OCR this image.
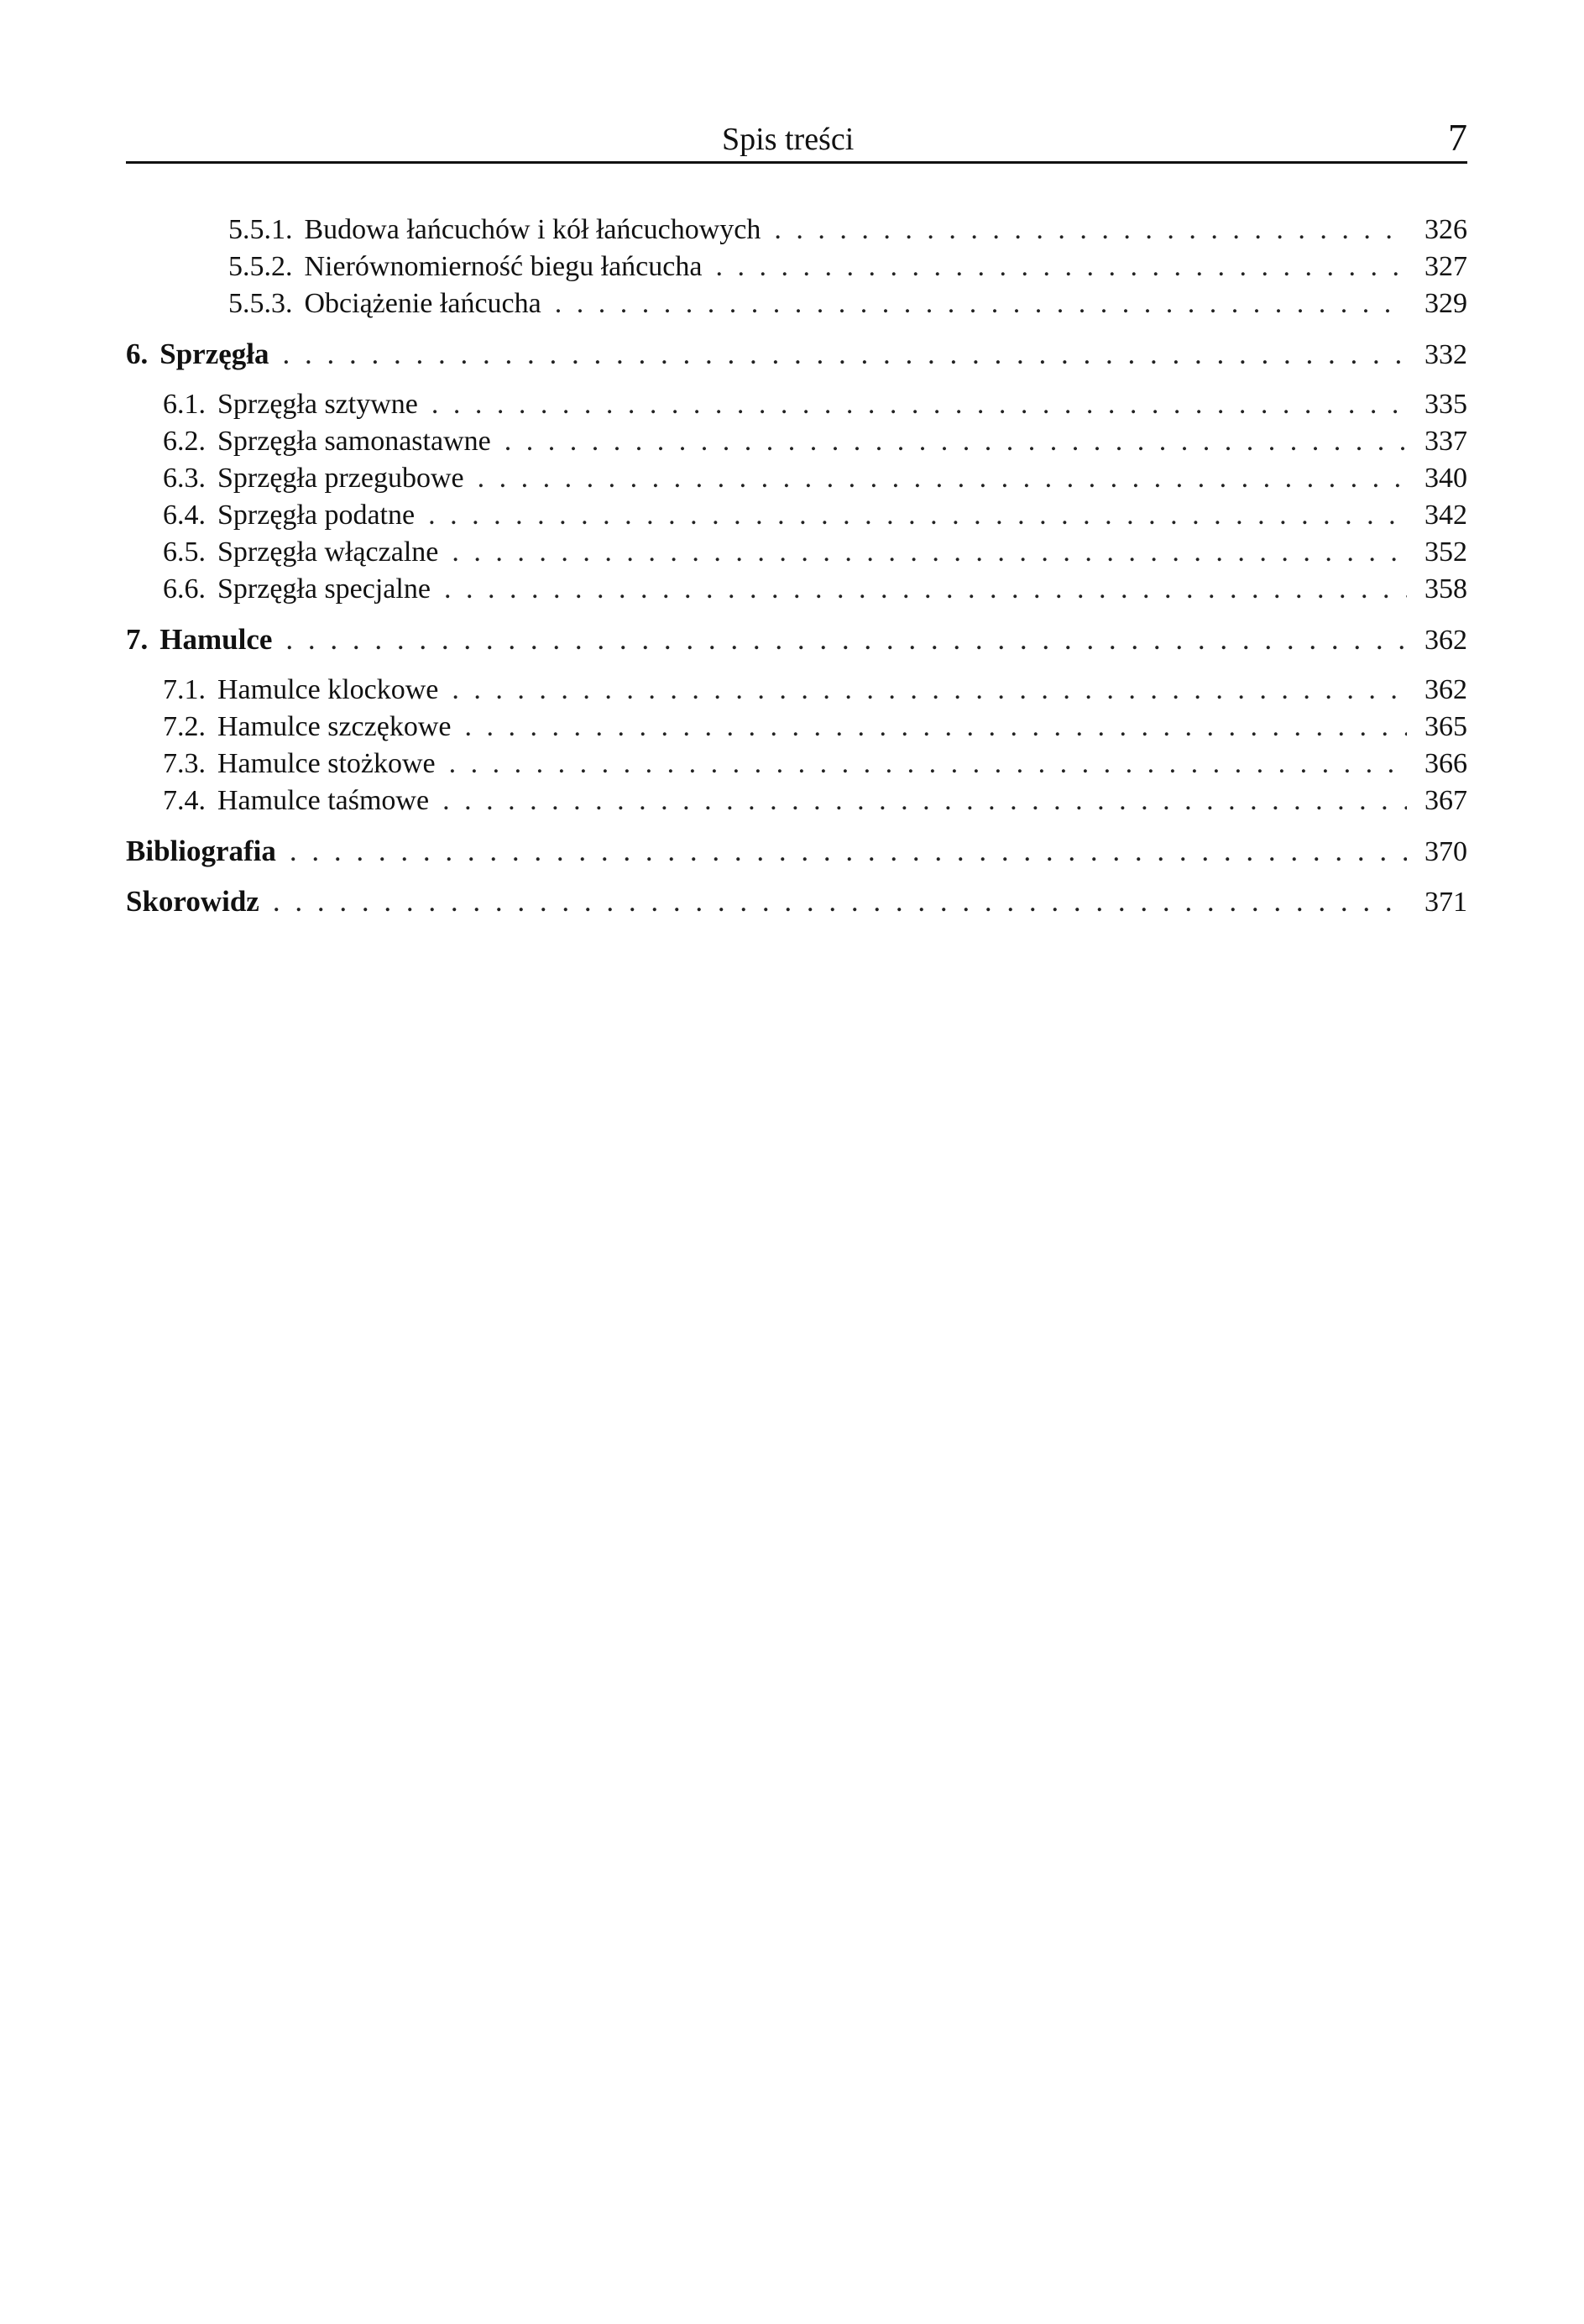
Spis treści	7
5.5.1. Budowa łańcuchów i kół łańcuchowych . . .	326
5.5.2. Nierównomierność biegu łańcucha . . .	327
5.5.3. Obciążenie łańcucha . . .	329
6. Sprzęgła . . .	332
6.1. Sprzęgła sztywne . . .	335
6.2. Sprzęgła samonastawne . . .	337
6.3. Sprzęgła przegubowe . . .	340
6.4. Sprzęgła podatne . . .	342
6.5. Sprzęgła włączalne . . .	352
6.6. Sprzęgła specjalne . . .	358
7. Hamulce . . .	362
7.1. Hamulce klockowe . . .	362
7.2. Hamulce szczękowe . . .	365
7.3. Hamulce stożkowe . . .	366
7.4. Hamulce taśmowe . . .	367
Bibliografia . . .	370
Skorowidz . . .	371
